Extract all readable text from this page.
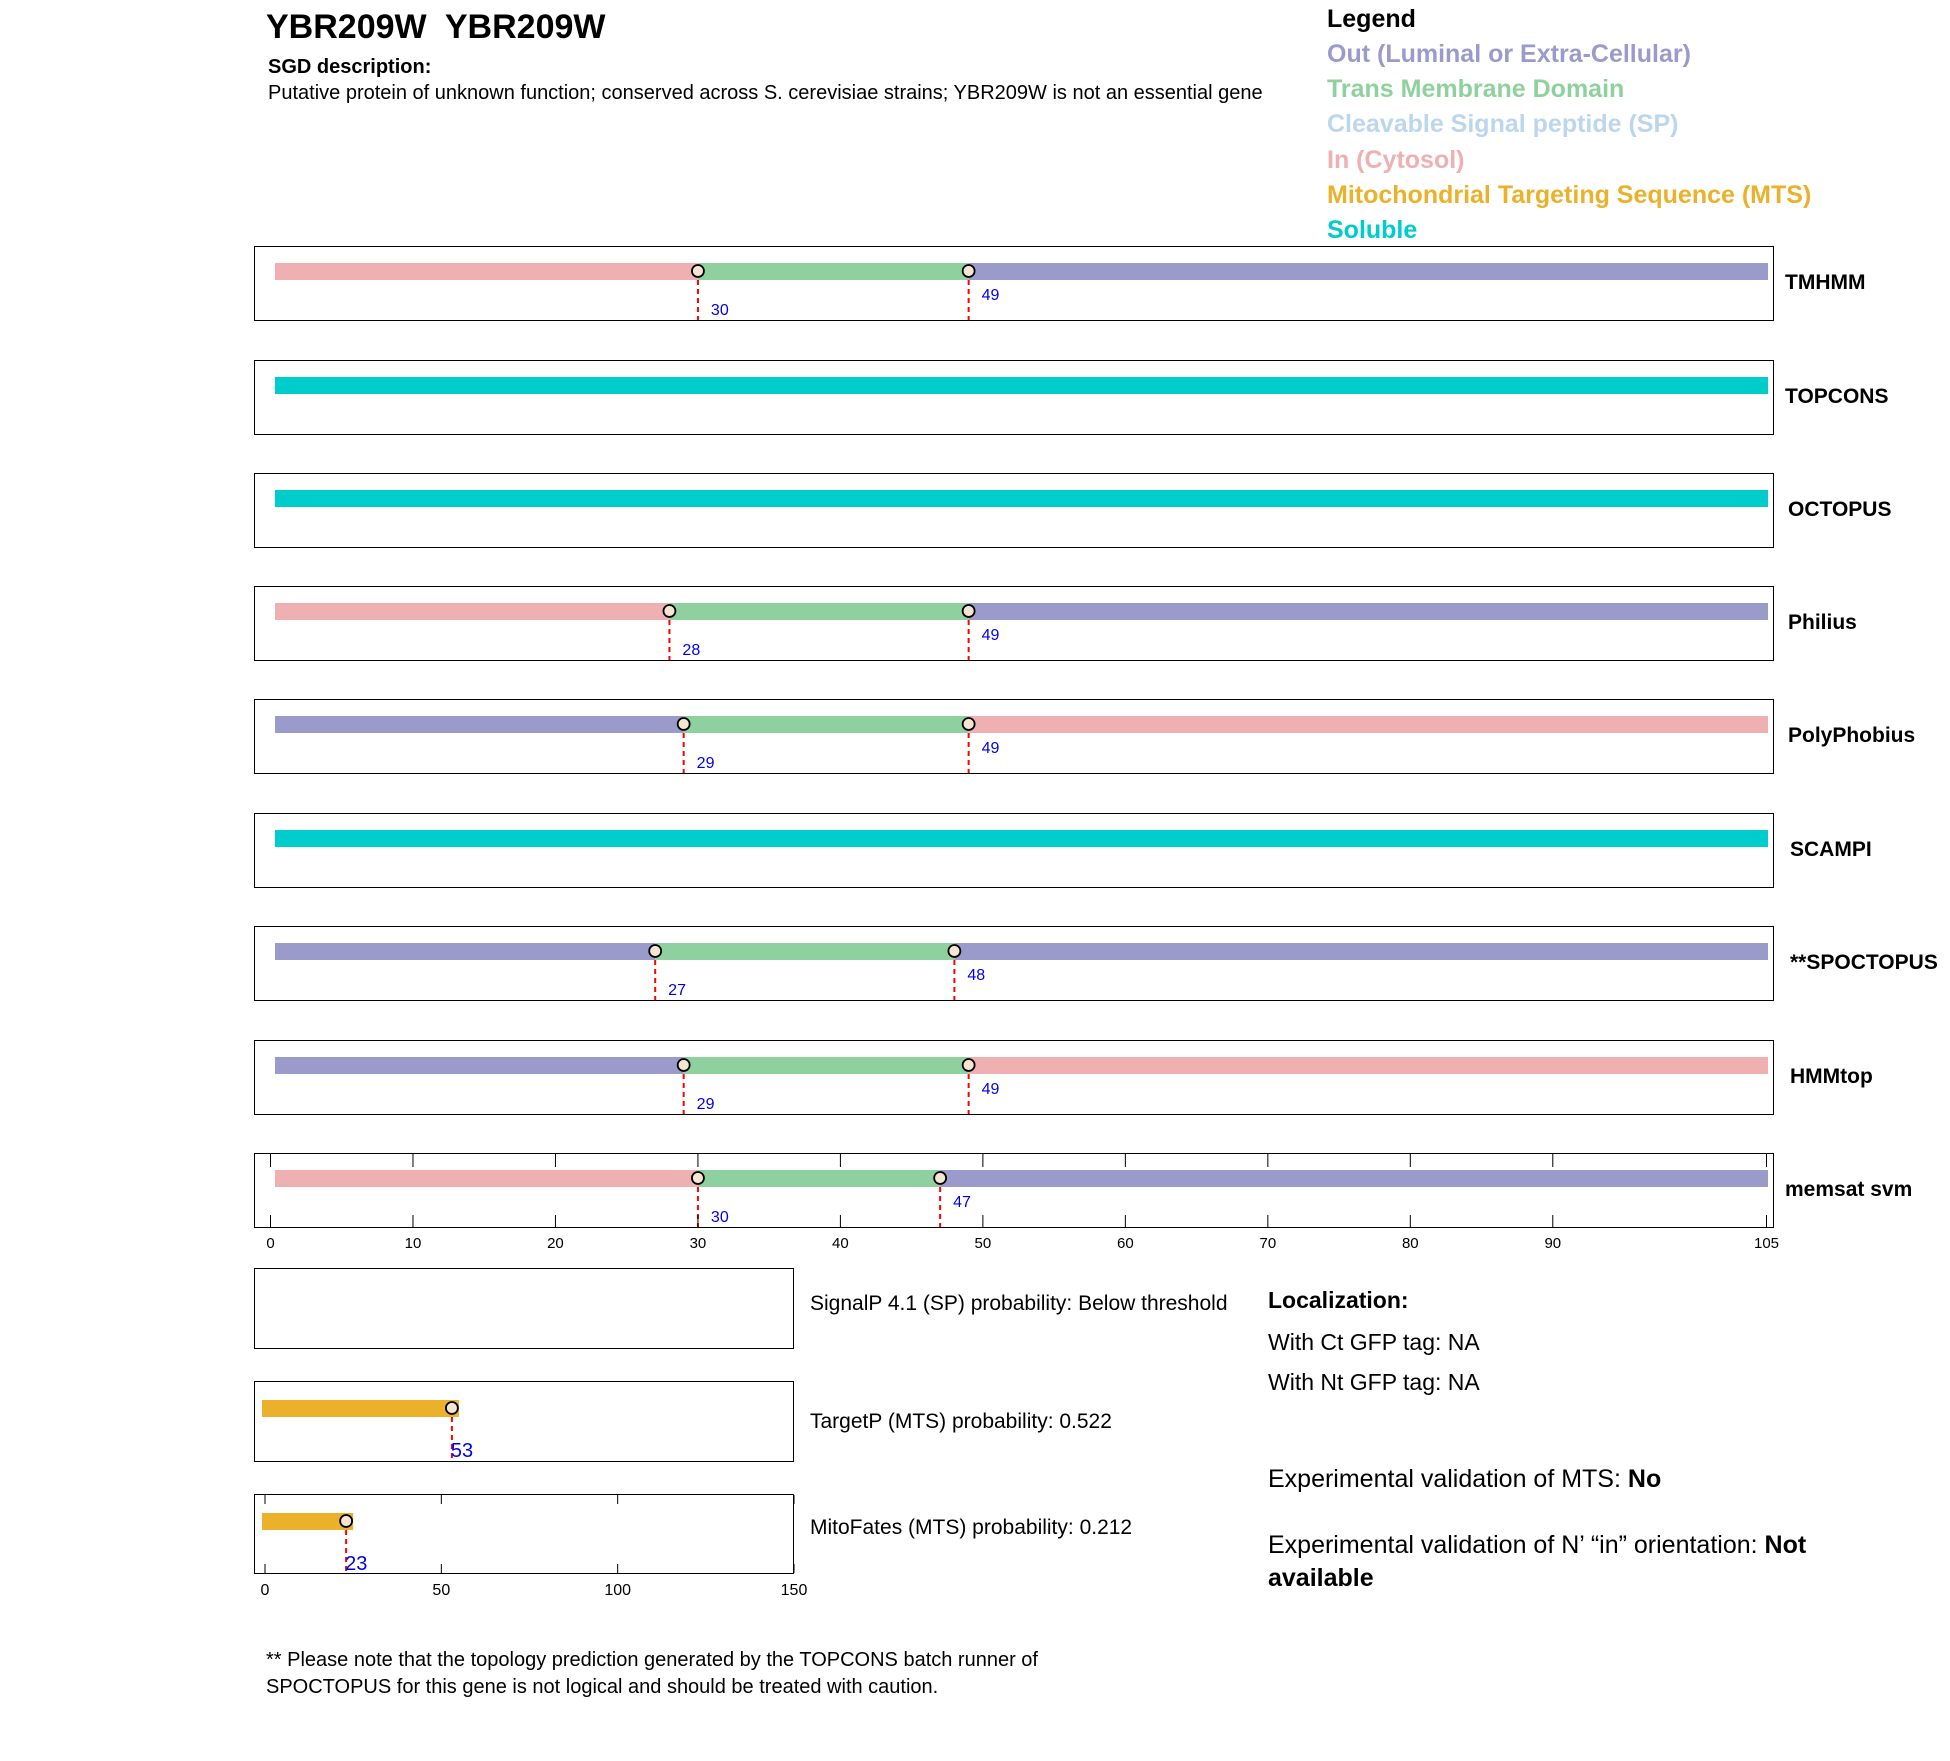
YBR209W  YBR209W
SGD description:
Putative protein of unknown function; conserved across S. cerevisiae strains; YBR209W is not an essential gene
Legend
Out (Luminal or Extra-Cellular)
Trans Membrane Domain
Cleavable Signal peptide (SP)
In (Cytosol)
Mitochondrial Targeting Sequence (MTS)
Soluble
TMHMM
TOPCONS
OCTOPUS
Philius
PolyPhobius
SCAMPI
**SPOCTOPUS
HMMtop
memsat svm
30
49
28
49
29
49
27
48
29
49
30
47
0	10	20	30	40	50	60	70	80	90	105
53
23
0	50	100	150
SignalP 4.1 (SP) probability: Below threshold
TargetP (MTS) probability: 0.522
MitoFates (MTS) probability: 0.212
Localization:
With Ct GFP tag: NA
With Nt GFP tag: NA
Experimental validation of MTS: No
Experimental validation of N’ “in” orientation: Not available
** Please note that the topology prediction generated by the TOPCONS batch runner of SPOCTOPUS for this gene is not logical and should be treated with caution.
